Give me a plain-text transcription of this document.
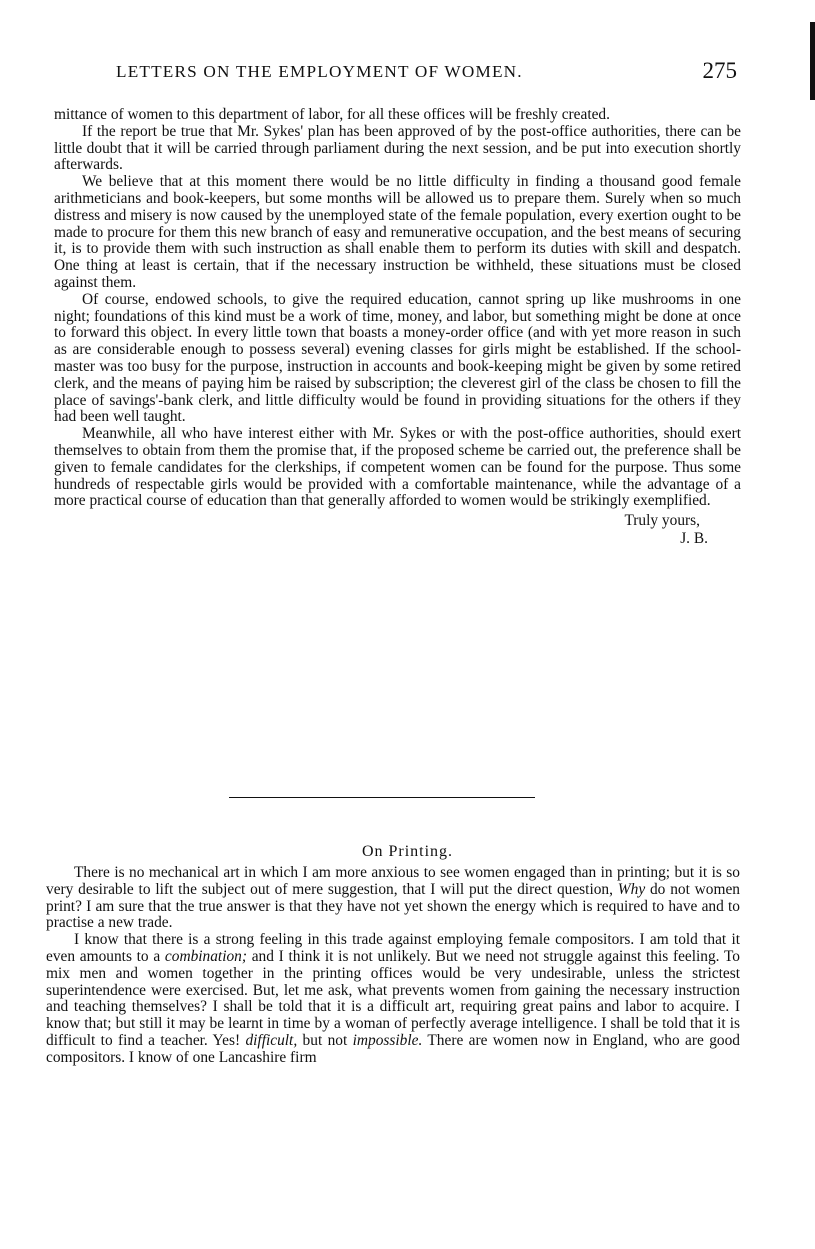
LETTERS ON THE EMPLOYMENT OF WOMEN.	275

mittance of women to this department of labor, for all these offices will be freshly created.

If the report be true that Mr. Sykes' plan has been approved of by the post-office authorities, there can be little doubt that it will be carried through parliament during the next session, and be put into execution shortly afterwards.

We believe that at this moment there would be no little difficulty in finding a thousand good female arithmeticians and book-keepers, but some months will be allowed us to prepare them. Surely when so much distress and misery is now caused by the unemployed state of the female population, every exertion ought to be made to procure for them this new branch of easy and remunerative occupation, and the best means of securing it, is to provide them with such instruction as shall enable them to perform its duties with skill and despatch. One thing at least is certain, that if the necessary instruction be withheld, these situations must be closed against them.

Of course, endowed schools, to give the required education, cannot spring up like mushrooms in one night; foundations of this kind must be a work of time, money, and labor, but something might be done at once to forward this object. In every little town that boasts a money-order office (and with yet more reason in such as are considerable enough to possess several) evening classes for girls might be established. If the school-master was too busy for the purpose, instruction in accounts and book-keeping might be given by some retired clerk, and the means of paying him be raised by subscription; the cleverest girl of the class be chosen to fill the place of savings'-bank clerk, and little difficulty would be found in providing situations for the others if they had been well taught.

Meanwhile, all who have interest either with Mr. Sykes or with the post-office authorities, should exert themselves to obtain from them the promise that, if the proposed scheme be carried out, the preference shall be given to female candidates for the clerkships, if competent women can be found for the purpose. Thus some hundreds of respectable girls would be provided with a comfortable maintenance, while the advantage of a more practical course of education than that generally afforded to women would be strikingly exemplified.

Truly yours,
J. B.
On Printing.

There is no mechanical art in which I am more anxious to see women engaged than in printing; but it is so very desirable to lift the subject out of mere suggestion, that I will put the direct question, Why do not women print? I am sure that the true answer is that they have not yet shown the energy which is required to have and to practise a new trade.

I know that there is a strong feeling in this trade against employing female compositors. I am told that it even amounts to a combination; and I think it is not unlikely. But we need not struggle against this feeling. To mix men and women together in the printing offices would be very undesirable, unless the strictest superintendence were exercised. But, let me ask, what prevents women from gaining the necessary instruction and teaching themselves? I shall be told that it is a difficult art, requiring great pains and labor to acquire. I know that; but still it may be learnt in time by a woman of perfectly average intelligence. I shall be told that it is difficult to find a teacher. Yes! difficult, but not impossible. There are women now in England, who are good compositors. I know of one Lancashire firm
